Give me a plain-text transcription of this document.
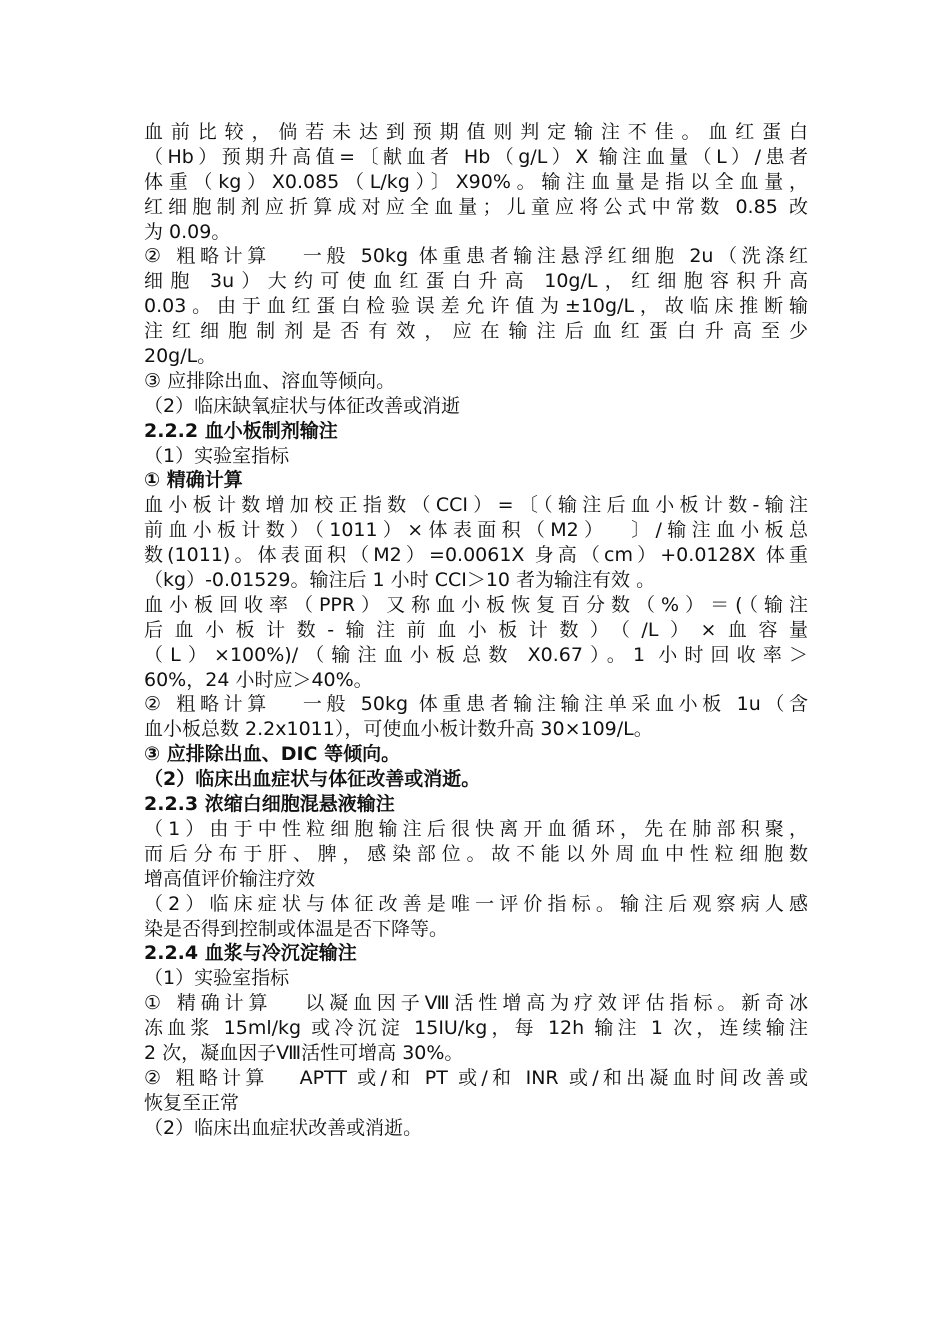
血前比较，倘若未达到预期值则判定输注不佳。血红蛋白
（Hb）预期升高值=〔献血者 Hb（g/L）X 输注血量（L）/患者
体重（kg）X0.085（L/kg）〕X90%。输注血量是指以全血量，
红细胞制剂应折算成对应全血量；儿童应将公式中常数 0.85 改
为 0.09。
② 粗略计算   一般 50kg 体重患者输注悬浮红细胞 2u（洗涤红
细胞 3u）大约可使血红蛋白升高 10g/L，红细胞容积升高
0.03。由于血红蛋白检验误差允许值为±10g/L，故临床推断输
注红细胞制剂是否有效，应在输注后血红蛋白升高至少
20g/L。
③ 应排除出血、溶血等倾向。
（2）临床缺氧症状与体征改善或消逝
2.2.2 血小板制剂输注
（1）实验室指标
① 精确计算
血小板计数增加校正指数（CCI）=〔（输注后血小板计数-输注
前血小板计数）（1011）×体表面积（M2）  〕/输注血小板总
数(1011)。体表面积（M2）=0.0061X 身高（cm）+0.0128X 体重
（kg）-0.01529。输注后 1 小时 CCI＞10 者为输注有效 。
血小板回收率（PPR）又称血小板恢复百分数（%）＝(（输注
后血小板计数-输注前血小板计数）（/L）×血容量
（L）×100%)/（输注血小板总数 X0.67）。1 小时回收率＞
60%，24 小时应＞40%。
② 粗略计算   一般 50kg 体重患者输注输注单采血小板 1u（含
血小板总数 2.2x1011），可使血小板计数升高 30×109/L。
③ 应排除出血、DIC 等倾向。
（2）临床出血症状与体征改善或消逝。
2.2.3 浓缩白细胞混悬液输注
（1）由于中性粒细胞输注后很快离开血循环，先在肺部积聚，
而后分布于肝、脾，感染部位。故不能以外周血中性粒细胞数
增高值评价输注疗效
（2）临床症状与体征改善是唯一评价指标。输注后观察病人感
染是否得到控制或体温是否下降等。
2.2.4 血浆与冷沉淀输注
（1）实验室指标
① 精确计算   以凝血因子Ⅷ活性增高为疗效评估指标。新奇冰
冻血浆 15ml/kg 或冷沉淀 15IU/kg，每 12h 输注 1 次，连续输注
2 次，凝血因子Ⅷ活性可增高 30%。
② 粗略计算   APTT 或/和 PT 或/和 INR 或/和出凝血时间改善或
恢复至正常
（2）临床出血症状改善或消逝。
